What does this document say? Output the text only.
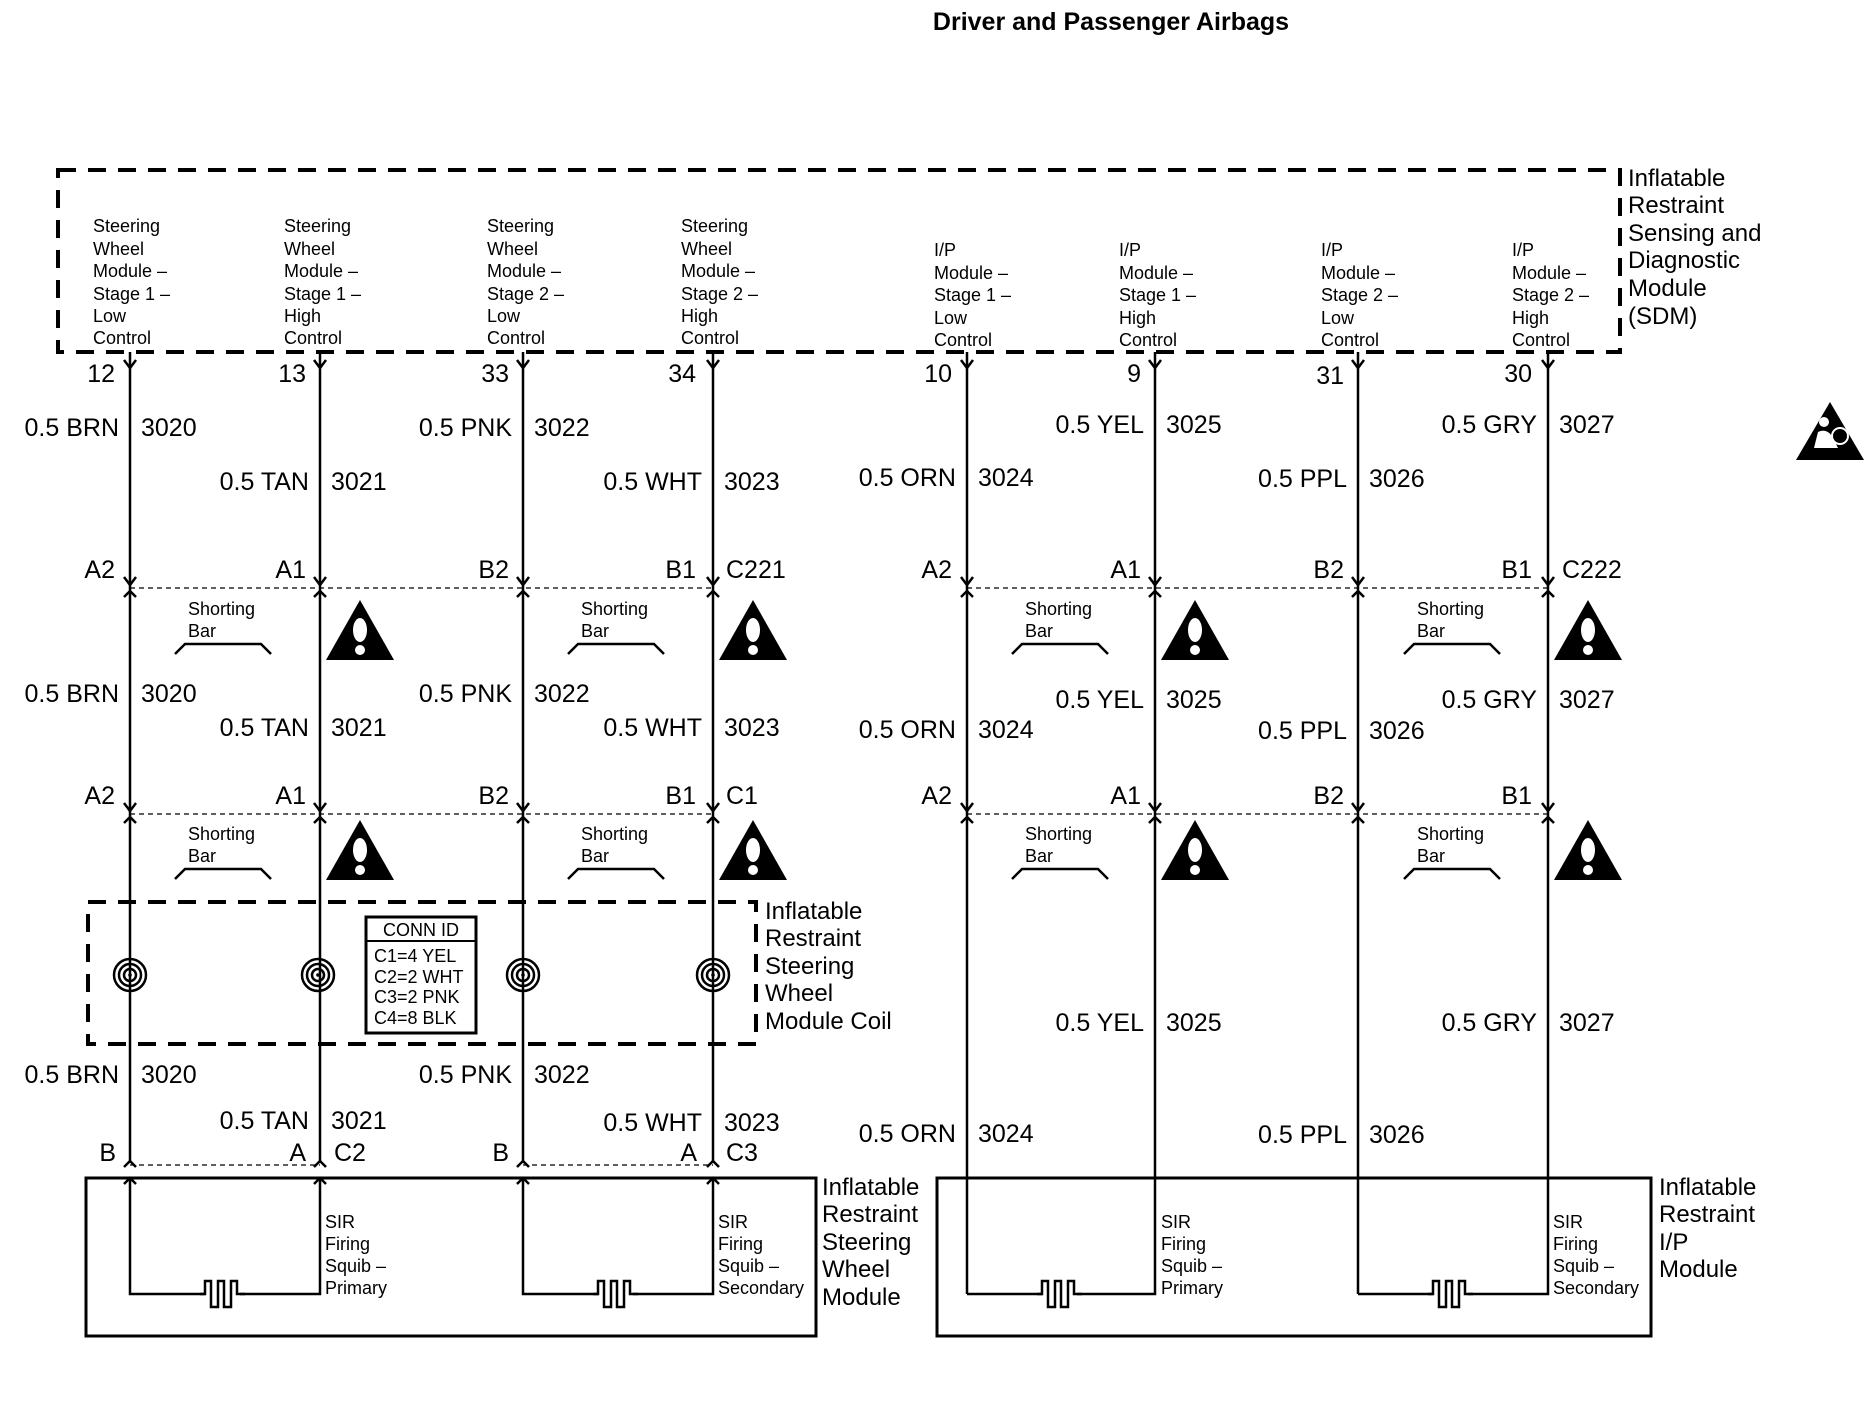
Driver and Passenger Airbags
Inflatable
Restraint
Sensing and
Diagnostic
Module
(SDM)
Steering
Wheel
Module –
Stage 1 –
Low
Control
Steering
Wheel
Module –
Stage 1 –
High
Control
Steering
Wheel
Module –
Stage 2 –
Low
Control
Steering
Wheel
Module –
Stage 2 –
High
Control
I/P
Module –
Stage 1 –
Low
Control
I/P
Module –
Stage 1 –
High
Control
I/P
Module –
Stage 2 –
Low
Control
I/P
Module –
Stage 2 –
High
Control
12	13	33	34	10	9	31	30
0.5 BRN 3020
0.5 TAN 3021
0.5 PNK 3022
0.5 WHT 3023	0.5 ORN 3024
0.5 YEL 3025
0.5 PPL 3026
0.5 GRY 3027
A2	A1	B2	B1 C221	A2	A1	B2	B1 C222
Shorting
Bar
Shorting
Bar
Shorting
Bar
Shorting
Bar
0.5 BRN 3020
0.5 TAN 3021
0.5 PNK 3022
0.5 WHT 3023	0.5 ORN 3024
0.5 YEL 3025
0.5 PPL 3026
0.5 GRY 3027
A2	A1	B2	B1 C1	A2	A1	B2	B1
Shorting
Bar
Shorting
Bar
Shorting
Bar
Shorting
Bar
Inflatable
Restraint
Steering
Wheel
Module Coil
CONN ID
C1=4 YEL
C2=2 WHT
C3=2 PNK
C4=8 BLK	0.5 YEL 3025	0.5 GRY 3027
0.5 ORN 3024	0.5 PPL 3026
0.5 BRN 3020
0.5 TAN 3021
0.5 PNK 3022
0.5 WHT 3023
B	A C2	B	A C3
Inflatable
Restraint
Steering
Wheel
Module
SIR
Firing
Squib –
Primary
SIR
Firing
Squib –
Secondary
Inflatable
Restraint
I/P
Module
SIR
Firing
Squib –
Primary
SIR
Firing
Squib –
Secondary
